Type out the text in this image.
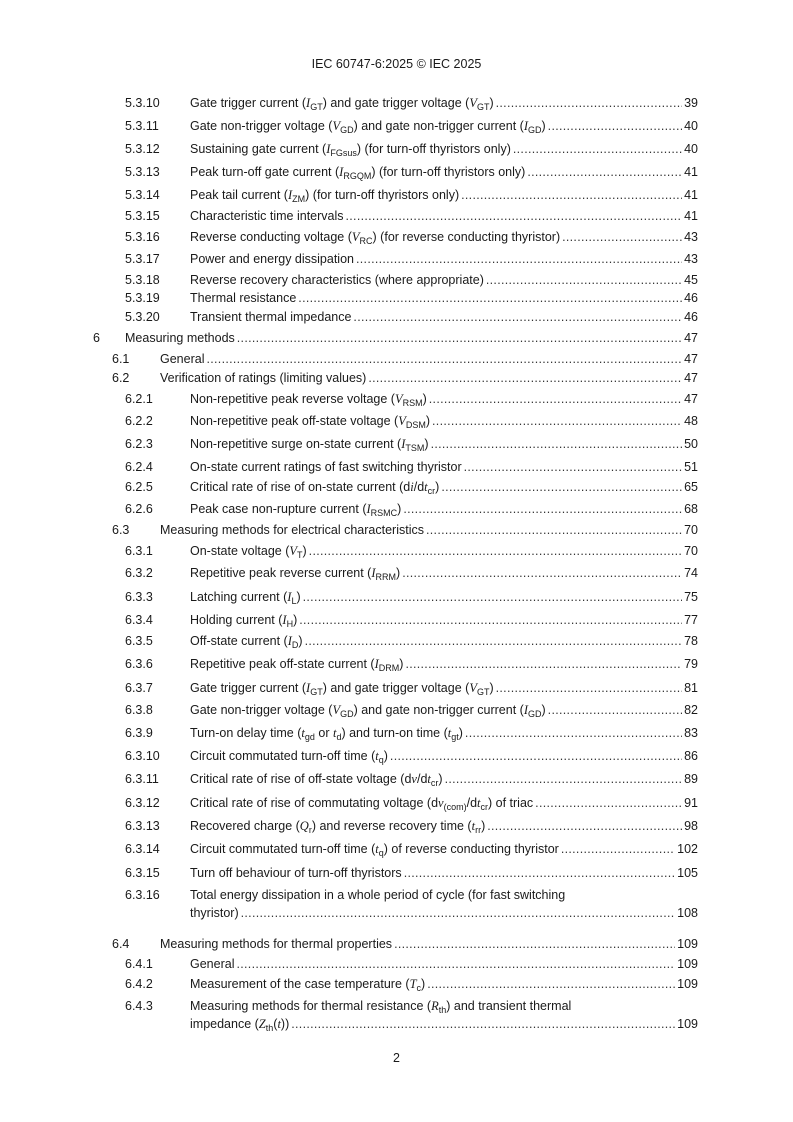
IEC 60747-6:2025 © IEC 2025
5.3.10 Gate trigger current $(I_{GT})$ and gate trigger voltage $(V_{GT})$ .....	39
5.3.11 Gate non-trigger voltage $(V_{GD})$ and gate non-trigger current $(I_{GD})$ .....	40
5.3.12 Sustaining gate current $(I_{FGsus})$ (for turn-off thyristors only) .....	40
5.3.13 Peak turn-off gate current $(I_{RGQM})$ (for turn-off thyristors only) .....	41
5.3.14 Peak tail current $(I_{ZM})$ (for turn-off thyristors only) .....	41
5.3.15 Characteristic time intervals .....	41
5.3.16 Reverse conducting voltage $(V_{RC})$ (for reverse conducting thyristor) .....	43
5.3.17 Power and energy dissipation .....	43
5.3.18 Reverse recovery characteristics (where appropriate) .....	45
5.3.19 Thermal resistance .....	46
5.3.20 Transient thermal impedance .....	46
6 Measuring methods .....	47
6.1 General .....	47
6.2 Verification of ratings (limiting values) .....	47
6.2.1	Non-repetitive peak reverse voltage $(V_{RSM})$ .....	47
6.2.2	Non-repetitive peak off-state voltage $(V_{DSM})$ .....	48
6.2.3	Non-repetitive surge on-state current $(I_{TSM})$ .....	50
6.2.4	On-state current ratings of fast switching thyristor .....	51
6.2.5	Critical rate of rise of on-state current $(di/dt_{cr})$ .....	65
6.2.6	Peak case non-rupture current $(I_{RSMC})$ .....	68
6.3 Measuring methods for electrical characteristics .....	70
6.3.1	On-state voltage $(V_T)$ .....	70
6.3.2	Repetitive peak reverse current $(I_{RRM})$ .....	74
6.3.3	Latching current $(I_L)$ .....	75
6.3.4	Holding current $(I_H)$ .....	77
6.3.5	Off-state current $(I_D)$ .....	78
6.3.6	Repetitive peak off-state current $(I_{DRM})$ .....	79
6.3.7	Gate trigger current $(I_{GT})$ and gate trigger voltage $(V_{GT})$ .....	81
6.3.8	Gate non-trigger voltage $(V_{GD})$ and gate non-trigger current $(I_{GD})$ .....	82
6.3.9	Turn-on delay time ($t_{gd}$ or $t_d$) and turn-on time $(t_{gt})$ .....	83
6.3.10 Circuit commutated turn-off time $(t_q)$ .....	86
6.3.11 Critical rate of rise of off-state voltage $(dv/dt_{cr})$ .....	89
6.3.12 Critical rate of rise of commutating voltage $(dv_{(com)}/dt_{cr})$ of triac .....	91
6.3.13 Recovered charge $(Q_r)$ and reverse recovery time $(t_{rr})$ .....	98
6.3.14 Circuit commutated turn-off time $(t_q)$ of reverse conducting thyristor .....	102
6.3.15 Turn off behaviour of turn-off thyristors .....	105
6.3.16 Total energy dissipation in a whole period of cycle (for fast switching
thyristor) .....	108
6.4 Measuring methods for thermal properties .....	109
6.4.1	General .....	109
6.4.2	Measurement of the case temperature $(T_c)$ .....	109
6.4.3	Measuring methods for thermal resistance $(R_{th})$ and transient thermal
impedance $(Z_{th}(t))$ .....	109
2
